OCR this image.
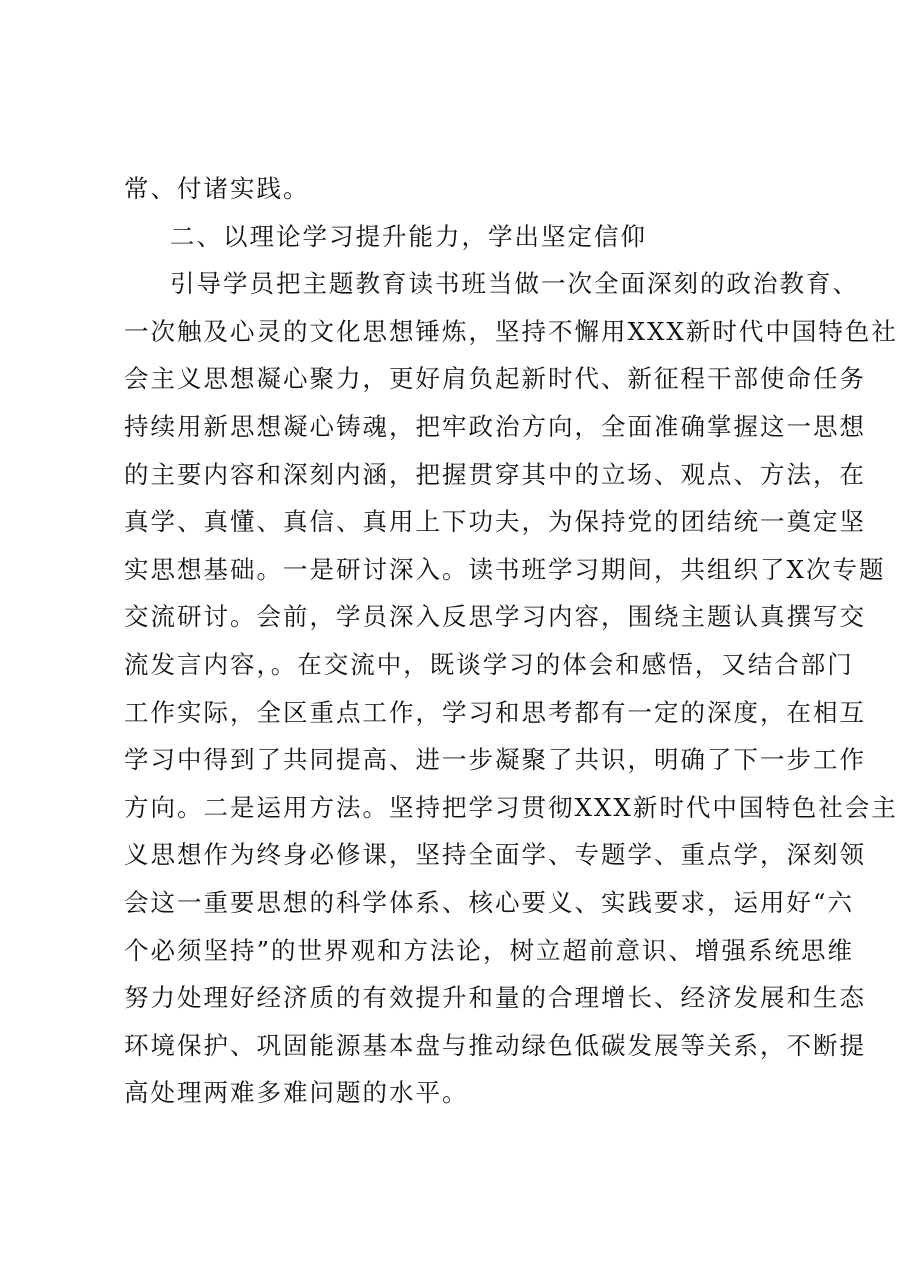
常、付诸实践。
二、以理论学习提升能力，学出坚定信仰
引导学员把主题教育读书班当做一次全面深刻的政治教育、
一次触及心灵的文化思想锤炼，坚持不懈用XXX新时代中国特色社
会主义思想凝心聚力，更好肩负起新时代、新征程干部使命任务
持续用新思想凝心铸魂，把牢政治方向，全面准确掌握这一思想
的主要内容和深刻内涵，把握贯穿其中的立场、观点、方法，在
真学、真懂、真信、真用上下功夫，为保持党的团结统一奠定坚
实思想基础。一是研讨深入。读书班学习期间，共组织了X次专题
交流研讨。会前，学员深入反思学习内容，围绕主题认真撰写交
流发言内容，。在交流中，既谈学习的体会和感悟，又结合部门
工作实际，全区重点工作，学习和思考都有一定的深度，在相互
学习中得到了共同提高、进一步凝聚了共识，明确了下一步工作
方向。二是运用方法。坚持把学习贯彻XXX新时代中国特色社会主
义思想作为终身必修课，坚持全面学、专题学、重点学，深刻领
会这一重要思想的科学体系、核心要义、实践要求，运用好“六
个必须坚持”的世界观和方法论，树立超前意识、增强系统思维
努力处理好经济质的有效提升和量的合理增长、经济发展和生态
环境保护、巩固能源基本盘与推动绿色低碳发展等关系，不断提
高处理两难多难问题的水平。
